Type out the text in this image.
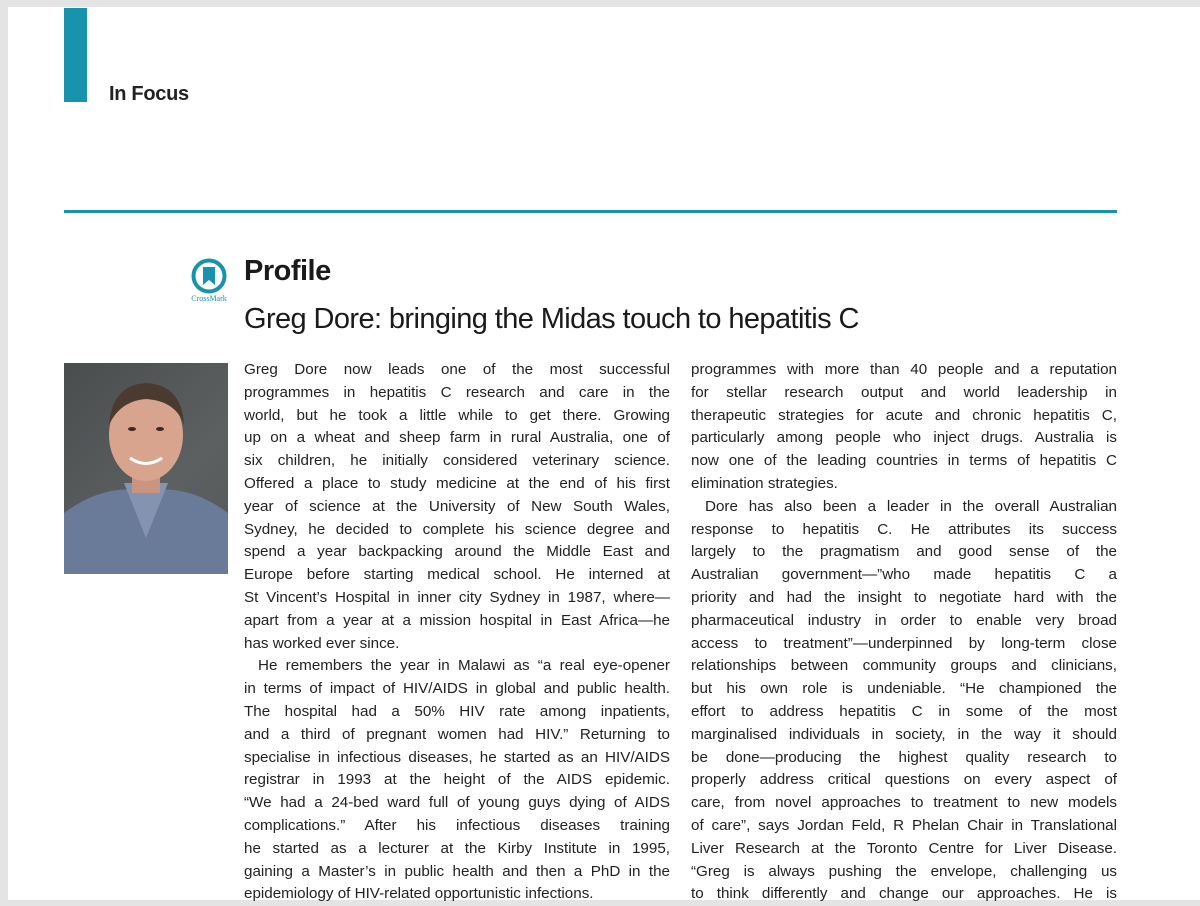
In Focus
CrossMark
Profile
Greg Dore: bringing the Midas touch to hepatitis C
Greg Dore now leads one of the most successful
programmes in hepatitis C research and care in the
world, but he took a little while to get there. Growing
up on a wheat and sheep farm in rural Australia, one of
six children, he initially considered veterinary science.
Offered a place to study medicine at the end of his first
year of science at the University of New South Wales,
Sydney, he decided to complete his science degree and
spend a year backpacking around the Middle East and
Europe before starting medical school. He interned at
St Vincent’s Hospital in inner city Sydney in 1987, where—
apart from a year at a mission hospital in East Africa—he
has worked ever since.
He remembers the year in Malawi as “a real eye-opener
in terms of impact of HIV/AIDS in global and public health.
The hospital had a 50% HIV rate among inpatients,
and a third of pregnant women had HIV.” Returning to
specialise in infectious diseases, he started as an HIV/AIDS
registrar in 1993 at the height of the AIDS epidemic.
“We had a 24-bed ward full of young guys dying of AIDS
complications.” After his infectious diseases training
he started as a lecturer at the Kirby Institute in 1995,
gaining a Master’s in public health and then a PhD in the
epidemiology of HIV-related opportunistic infections.
programmes with more than 40 people and a reputation
for stellar research output and world leadership in
therapeutic strategies for acute and chronic hepatitis C,
particularly among people who inject drugs. Australia is
now one of the leading countries in terms of hepatitis C
elimination strategies.
Dore has also been a leader in the overall Australian
response to hepatitis C. He attributes its success
largely to the pragmatism and good sense of the
Australian government—”who made hepatitis C a
priority and had the insight to negotiate hard with the
pharmaceutical industry in order to enable very broad
access to treatment”—underpinned by long-term close
relationships between community groups and clinicians,
but his own role is undeniable. “He championed the
effort to address hepatitis C in some of the most
marginalised individuals in society, in the way it should
be done—producing the highest quality research to
properly address critical questions on every aspect of
care, from novel approaches to treatment to new models
of care”, says Jordan Feld, R Phelan Chair in Translational
Liver Research at the Toronto Centre for Liver Disease.
“Greg is always pushing the envelope, challenging us
to think differently and change our approaches. He is
